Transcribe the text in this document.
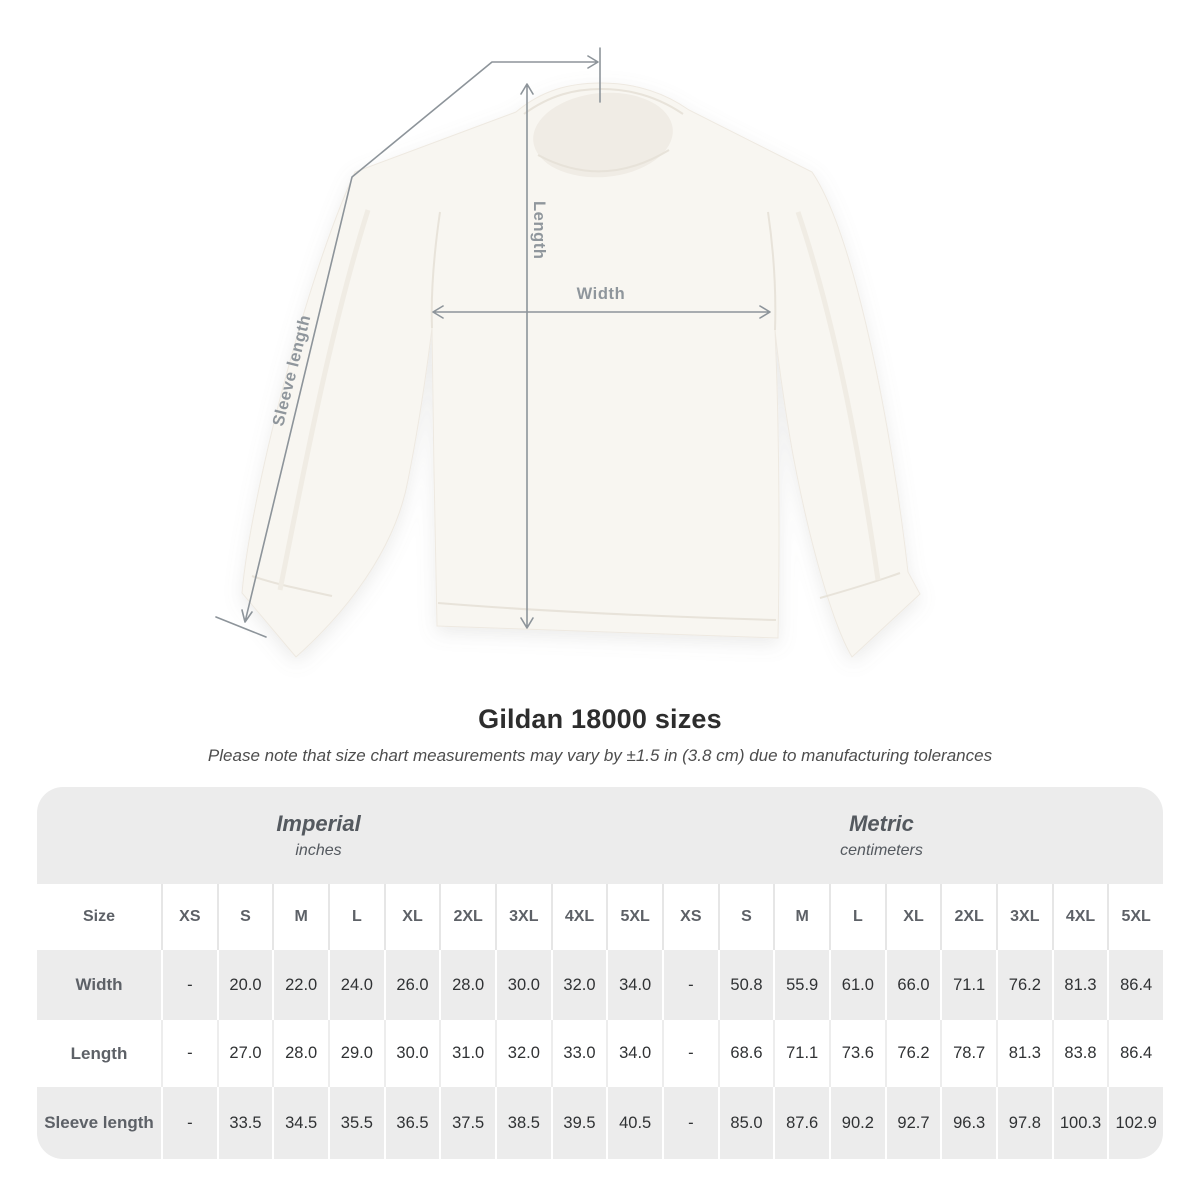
Width
Length
Sleeve length
Gildan 18000 sizes
Please note that size chart measurements may vary by ±1.5 in (3.8 cm) due to manufacturing tolerances
Imperial
inches
Metric
centimeters
Size	XS	S	M	L	XL	2XL	3XL	4XL	5XL	XS	S	M	L	XL	2XL	3XL	4XL	5XL
Width	-	20.0	22.0	24.0	26.0	28.0	30.0	32.0	34.0	-	50.8	55.9	61.0	66.0	71.1	76.2	81.3	86.4
Length	-	27.0	28.0	29.0	30.0	31.0	32.0	33.0	34.0	-	68.6	71.1	73.6	76.2	78.7	81.3	83.8	86.4
Sleeve length	-	33.5	34.5	35.5	36.5	37.5	38.5	39.5	40.5	-	85.0	87.6	90.2	92.7	96.3	97.8	100.3 102.9
